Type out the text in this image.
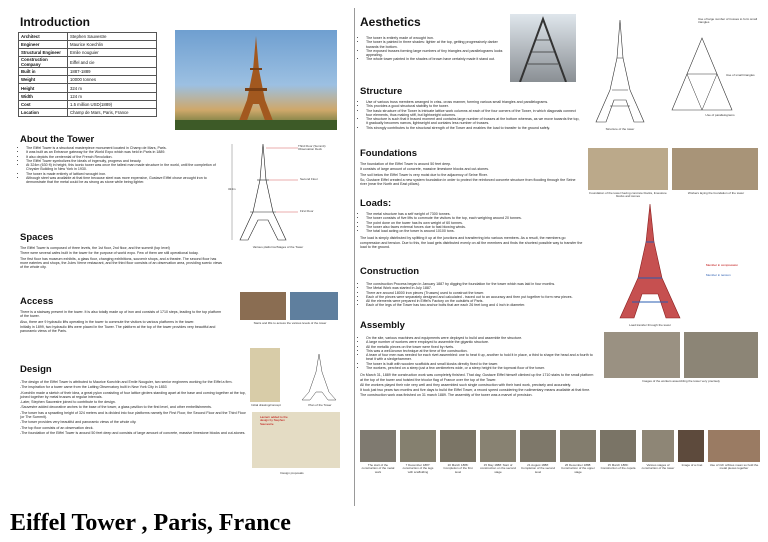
Introduction
Architect	Stephen Sauvestre
Engineer	Maurice Koechlin
Structural Engineer	Emile nouguier
Construction Company	Eiffel and cie
Built in	1887-1889
Weight	10000 tonnes
Height	324 m
Width	124 m
Cost	1.5 million USD(1889)
Location	Champ de Mars, Paris, France
About the Tower
• The Eiffel Tower is a structural masterpiece monument located in Champ de Mars, Paris.
• It was built as an Entrance gateway for the World Expo which was held in Paris in 1889.
• It also depicts the centennial of the French Revolution.
• The Eiffel Tower symbolizes the ideals of ingenuity, progress and beauty.
• At 324m (630 ft) in height, this iconic tower was once the tallest man made structure in the world, until the completion of Chrysler Building in New York in 1930.
• The tower is made entirely of latticed wrought iron.
• Although steel was available at that time because steel was more expensive, Gustave Eiffel chose wrought iron to demonstrate that the metal could be as strong as stone while being lighter.
Third Floor (Summit) Observation Deck
Second Floor
First Floor
324m
Various platforms/Stages of the Tower
Spaces

The Eiffel Tower is composed of three levels, the 1st floor, 2nd floor, and the summit (top level)

There were several cafes built in the tower for the purpose of world expo. Few of them are still operational today.

The first floor has museum exhibits, a glass floor, changing exhibitions, souvenir shops, and a theatre. The second floor has more eateries and shops, the Jules Verne restaurant, and the third floor consists of an observation area, providing scenic views of the whole city.

Access

There is a stairway present in the tower. It is also totally made up of iron and consists of 1710 steps, leading to the top platform of the tower.

Also, there are 9 hydraulic lifts operating in the tower to commute the visitors to various platforms in the tower.

Initially in 1899, two hydraulic lifts were placed in the Tower. The platform at the top of the tower provides very beautiful and panoramic views of the Paris.

Stairs and lifts to access the various levels of the tower
Design

-The design of the Eiffel Tower is attributed to Maurice Koechlin and Emile Nouguier, two senior engineers working for the Eiffel a firm.

-The inspiration for a tower came from the Latting Observatory built in New York City in 1853

-Koechlin made a sketch of their idea, a great pylon consisting of four lattice girders standing apart at the base and coming together at the top, joined together by metal trusses at regular intervals.

-Later, Stephen Sauvestre joined to contribute to the design.

-Sauvestre added decorative arches to the base of the tower, a glass pavilion to the first level, and other embellishments.

-The tower has a sprawling height of 324 meters and is divided into four platforms namely the First Floor, the Second Floor and the Third Floor (or The Summit).

-The tower provides very beautiful and panoramic views of the whole city.

-The top floor consists of an observation deck.

-The foundation of the Eiffel Tower is around 50 feet deep and consists of large amount of concrete, massive limestone blocks and cut-stones.

Initial drawing/concept	Plan of the Tower
Lantern added to the design by Stephen Sauvestre
Design proposals
Eiffel Tower , Paris, France
Aesthetics
• The tower is entirely made of wrought iron.
• The tower is painted in three shades: lighter at the top, getting progressively darker towards the bottom.
• The exposed trusses forming large numbers of tiny triangles and parallelograms looks appealing.
• The whole tower painted in the shades of brown have certainly made it stand out.
Structure
• Use of various truss members arranged in criss- cross manner, forming various small triangles and parallelograms.
• This provides a good structural stability to the tower.
• The basic structure of the Tower is intricate lattice work columns at each of the four corners of the Tower, in which diagonals connect four elements, thus making stiff, but lightweight columns.
• The structure is such that it braced moment and contains large number of trusses at the bottom whereas, as we move towards the top, it gradually becomes narrow, lightweight and contains less number of trusses.
• This strongly contributes to the structural strength of the Tower and enables the load to transfer to the ground safely.	Structure of the tower
Use of large number of trusses to form small triangles
Use of small triangles
Use of parallelograms
Foundations

The foundation of the Eiffel Tower is around 50 feet deep.

It consists of large amount of concrete, massive limestone blocks and cut-stones.

The soil below the Eiffel Tower is very moist due to the adjacency of Seine River.

So, Gustave Eiffel created a new system foundation in order to protect the reinforced concrete structure from flooding through the Seine river (near the North and East pillars).

Foundation of the tower having concrete blocks, limestone blocks and stones
Workers laying the foundation of the tower
Loads:
• The metal structure has a self weight of 7300 tonnes.
• The tower consists of five lifts to commute the visitors to the top, each weighing around 20 tonnes.
• The point done on the tower has its own weight of 60 tonnes.
• The tower also faces external forces due to fast blowing winds.
• The total load acting on the tower is around 10100 tons.

The load is simply distributed by splitting it up at the junctions and transferring into various members. As a result, the members go compression and tension. Due to this, the load gets distributed evenly on all the members and finds the shortest possible way to transfer the load to the ground.

Member in compression
Member in tension
Load transfer through the tower
Construction
• The construction Process began in January 1887 by digging the foundation for the tower which was laid in four months.
• The Metal Work was started in July 1887.
• There are around 18000 iron pieces (Trusses) used to construct the tower.
• Each of the pieces were separately designed and calculated - traced out to an accuracy and then put together to form new pieces.
• All the elements were prepared in Eiffel's Factory on the outskirts of Paris.
• Each of the legs of the Tower has two anchor bolts that are each 26 feet long and 4 inch in diameter.
Assembly
• On the site, various machines and equipments were deployed to build and assemble the structure.
• A large number of workers were employed to assemble the gigantic structure.
• All the metallic pieces on the tower were fixed by rivets.
• This was a well-known technique at the time of the construction.
• A team of four men was needed for each rivet assembled: one to heat it up, another to hold it in place, a third to shape the head and a fourth to beat it with a sledgehammer.
• The tower is built with wooden scaffolds and small kiosks directly fixed to the tower.
• The workers, perched on a steep just a few centimetres wide, or a steep height for the topmost floor of the tower.

On March 31, 1889 the construction work was completely finished. That day, Gustave Eiffel himself climbed up the 1710 stairs to the small platform at the top of the tower and hoisted the tricolor flag of France over the top of the Tower.

All the workers played their role very well and they assembled such single construction with their hard work, precisely and accurately.

It took just two years two months and five days to build the Eiffel Tower, a record speed considering the rudimentary means available at that time. The construction work was finished on 31 march 1889. The assembly of the tower was a marvel of precision.

Images of the workers assembling the tower very precisely
The start of the construction of the metal work
7 December 1887: construction of the legs with scaffolding
20 March 1888: Completion of the first level
15 May 1888: Start of construction on the second stage
21 August 1888: Completion of the second level
26 December 1888: Construction of the upper stage
15 March 1889: Construction of the cupola
Various stages of construction of the tower
Image of a rivet	Use of rich orifices mean so hold the metal pieces together
